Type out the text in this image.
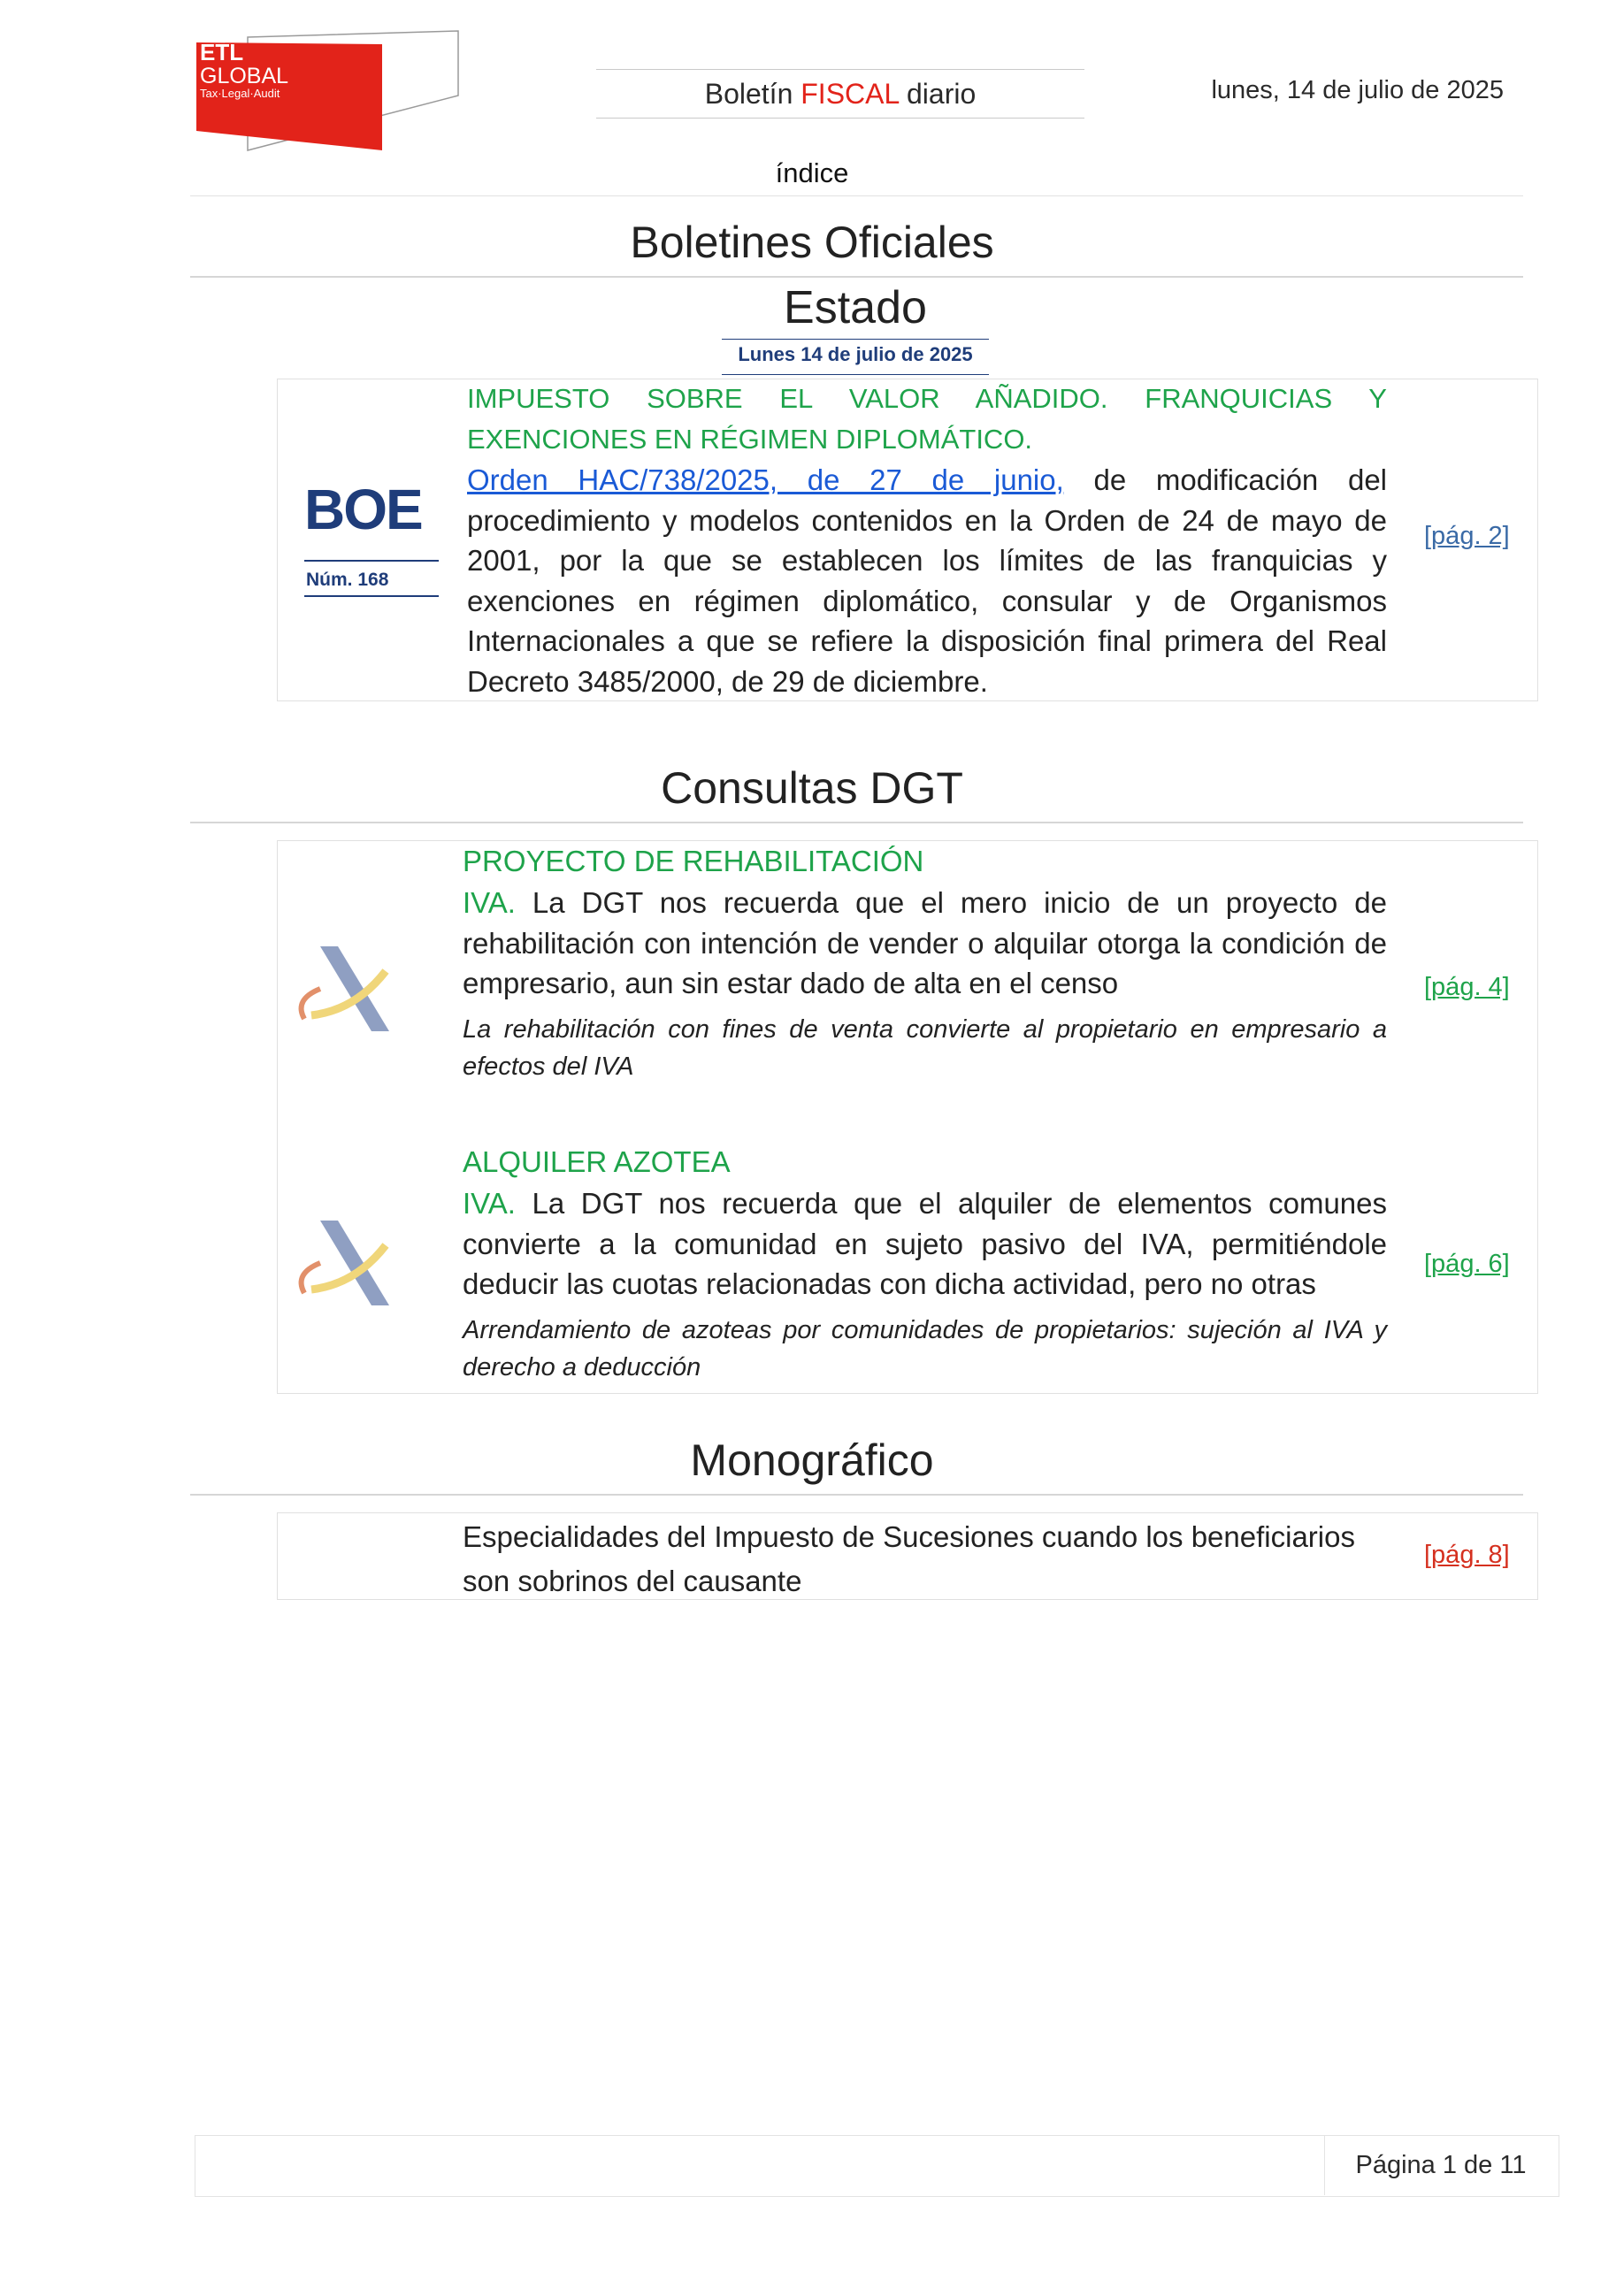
ETL
GLOBAL
Tax·Legal·Audit	Boletín FISCAL diario	lunes, 14 de julio de 2025
índice
Boletines Oficiales
Estado
Lunes 14 de julio de 2025
BOE
Núm. 168
IMPUESTO SOBRE EL VALOR AÑADIDO. FRANQUICIAS Y EXENCIONES EN RÉGIMEN DIPLOMÁTICO.
Orden HAC/738/2025, de 27 de junio, de modificación del procedimiento y modelos contenidos en la Orden de 24 de mayo de 2001, por la que se establecen los límites de las franquicias y exenciones en régimen diplomático, consular y de Organismos Internacionales a que se refiere la disposición final primera del Real Decreto 3485/2000, de 29 de diciembre.
[pág. 2]
Consultas DGT
PROYECTO DE REHABILITACIÓN
IVA. La DGT nos recuerda que el mero inicio de un proyecto de rehabilitación con intención de vender o alquilar otorga la condición de empresario, aun sin estar dado de alta en el censo
La rehabilitación con fines de venta convierte al propietario en empresario a efectos del IVA
[pág. 4]
ALQUILER AZOTEA
IVA. La DGT nos recuerda que el alquiler de elementos comunes convierte a la comunidad en sujeto pasivo del IVA, permitiéndole deducir las cuotas relacionadas con dicha actividad, pero no otras
Arrendamiento de azoteas por comunidades de propietarios: sujeción al IVA y derecho a deducción
[pág. 6]
Monográfico
Especialidades del Impuesto de Sucesiones cuando los beneficiarios son sobrinos del causante
[pág. 8]
Página 1 de 11
